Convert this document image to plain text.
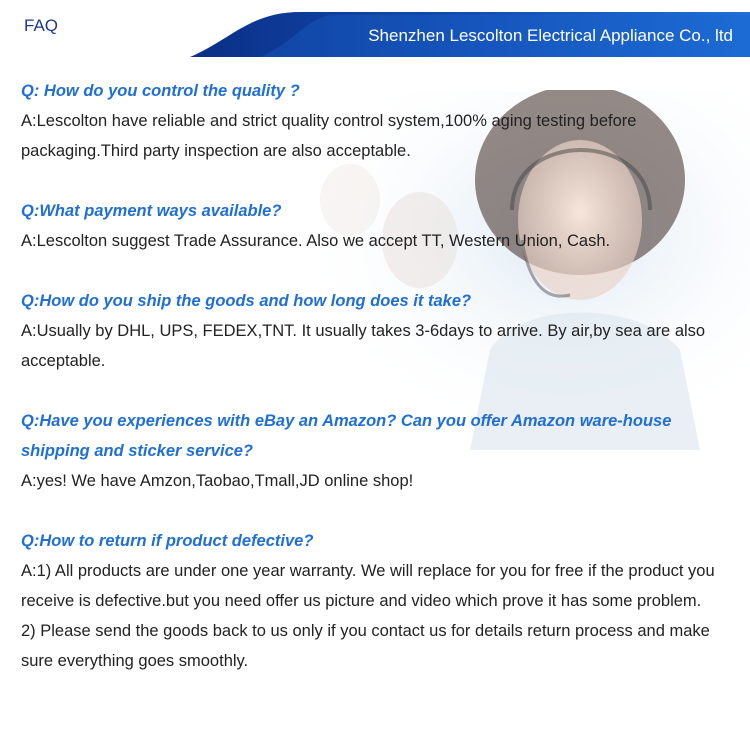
FAQ
Shenzhen Lescolton Electrical Appliance Co., ltd
Q: How do you control the quality ?
A:Lescolton have reliable and strict quality control system,100% aging testing before packaging.Third party inspection are also acceptable.
Q:What payment ways available?
A:Lescolton suggest Trade Assurance. Also we accept TT, Western Union, Cash.
Q:How do you ship the goods and how long does it take?
A:Usually by DHL, UPS, FEDEX,TNT. It usually takes 3-6days to arrive. By air,by sea are also acceptable.
Q:Have you experiences with eBay an Amazon? Can you offer Amazon ware-house shipping and sticker service?
A:yes! We have Amzon,Taobao,Tmall,JD online shop!
Q:How to return if product defective?
A:1) All products are under one year warranty. We will replace for you for free if the product you receive is defective.but you need offer us picture and video which prove it has some problem.
2) Please send the goods back to us only if you contact us for details return process and make sure everything goes smoothly.
